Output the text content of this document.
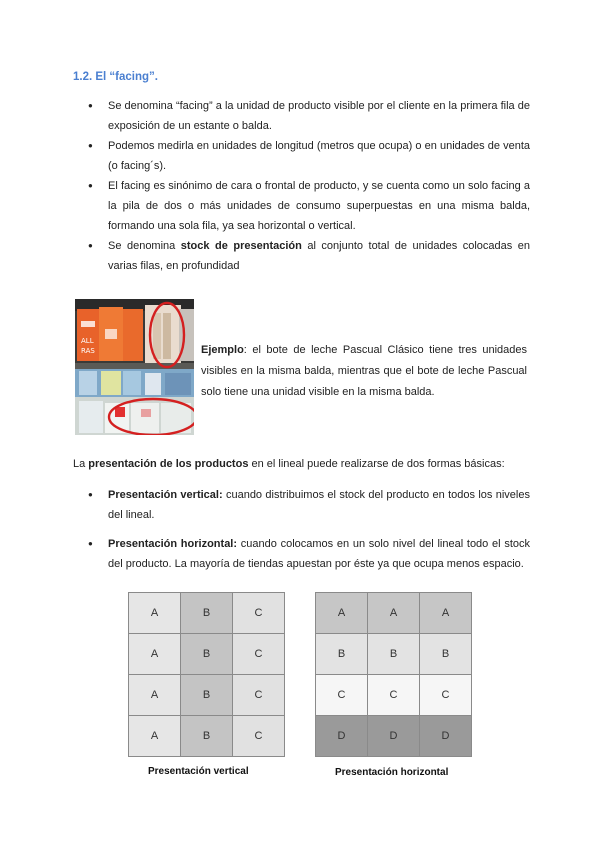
1.2. El “facing”.
● Se denomina “facing” a la unidad de producto visible por el cliente en la primera fila de exposición de un estante o balda.
● Podemos medirla en unidades de longitud (metros que ocupa) o en unidades de venta (o facing´s).
● El facing es sinónimo de cara o frontal de producto, y se cuenta como un solo facing a la pila de dos o más unidades de consumo superpuestas en una misma balda, formando una sola fila, ya sea horizontal o vertical.
● Se denomina stock de presentación al conjunto total de unidades colocadas en varias filas, en profundidad
ALL
RAS	Ejemplo: el bote de leche Pascual Clásico tiene tres unidades visibles en la misma balda, mientras que el bote de leche Pascual solo tiene una unidad visible en la misma balda.
La presentación de los productos en el lineal puede realizarse de dos formas básicas:
● Presentación vertical: cuando distribuimos el stock del producto en todos los niveles del lineal.
● Presentación horizontal: cuando colocamos en un solo nivel del lineal todo el stock del producto. La mayoría de tiendas apuestan por éste ya que ocupa menos espacio.
A	B	C
A	B	C
A	B	C
A	B	C
A	A	A
B	B	B
C	C	C
D	D	D
Presentación vertical	Presentación horizontal
